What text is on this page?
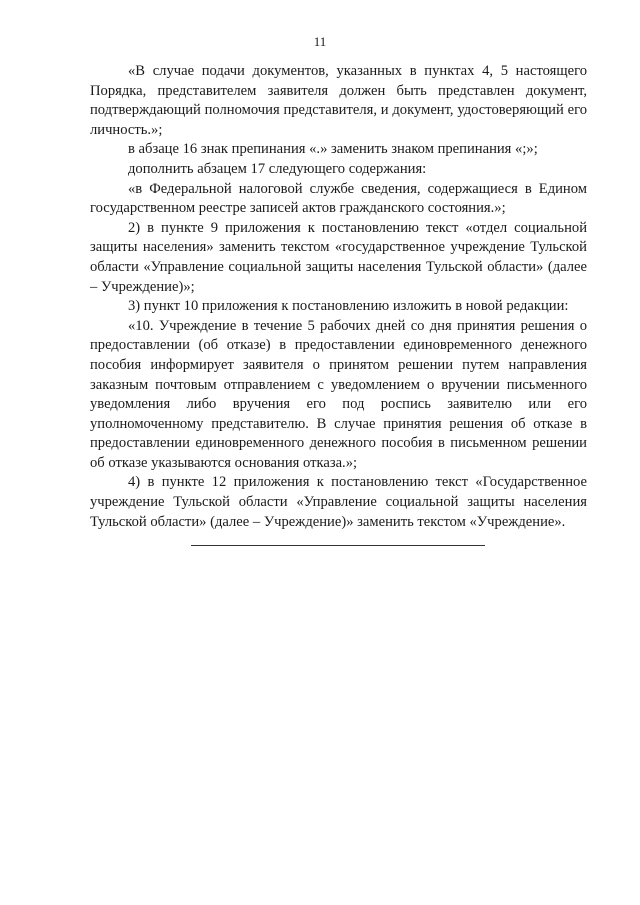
11

«В случае подачи документов, указанных в пунктах 4, 5 настоящего Порядка, представителем заявителя должен быть представлен документ, подтверждающий полномочия представителя, и документ, удостоверяющий его личность.»;

в абзаце 16 знак препинания «.» заменить знаком препинания «;»;

дополнить абзацем 17 следующего содержания:

«в Федеральной налоговой службе сведения, содержащиеся в Едином государственном реестре записей актов гражданского состояния.»;

2) в пункте 9 приложения к постановлению текст «отдел социальной защиты населения» заменить текстом «государственное учреждение Тульской области «Управление социальной защиты населения Тульской области» (далее – Учреждение)»;

3) пункт 10 приложения к постановлению изложить в новой редакции:

«10. Учреждение в течение 5 рабочих дней со дня принятия решения о предоставлении (об отказе) в предоставлении единовременного денежного пособия информирует заявителя о принятом решении путем направления заказным почтовым отправлением с уведомлением о вручении письменного уведомления либо вручения его под роспись заявителю или его уполномоченному представителю. В случае принятия решения об отказе в предоставлении единовременного денежного пособия в письменном решении об отказе указываются основания отказа.»;

4) в пункте 12 приложения к постановлению текст «Государственное учреждение Тульской области «Управление социальной защиты населения Тульской области» (далее – Учреждение)» заменить текстом «Учреждение».
